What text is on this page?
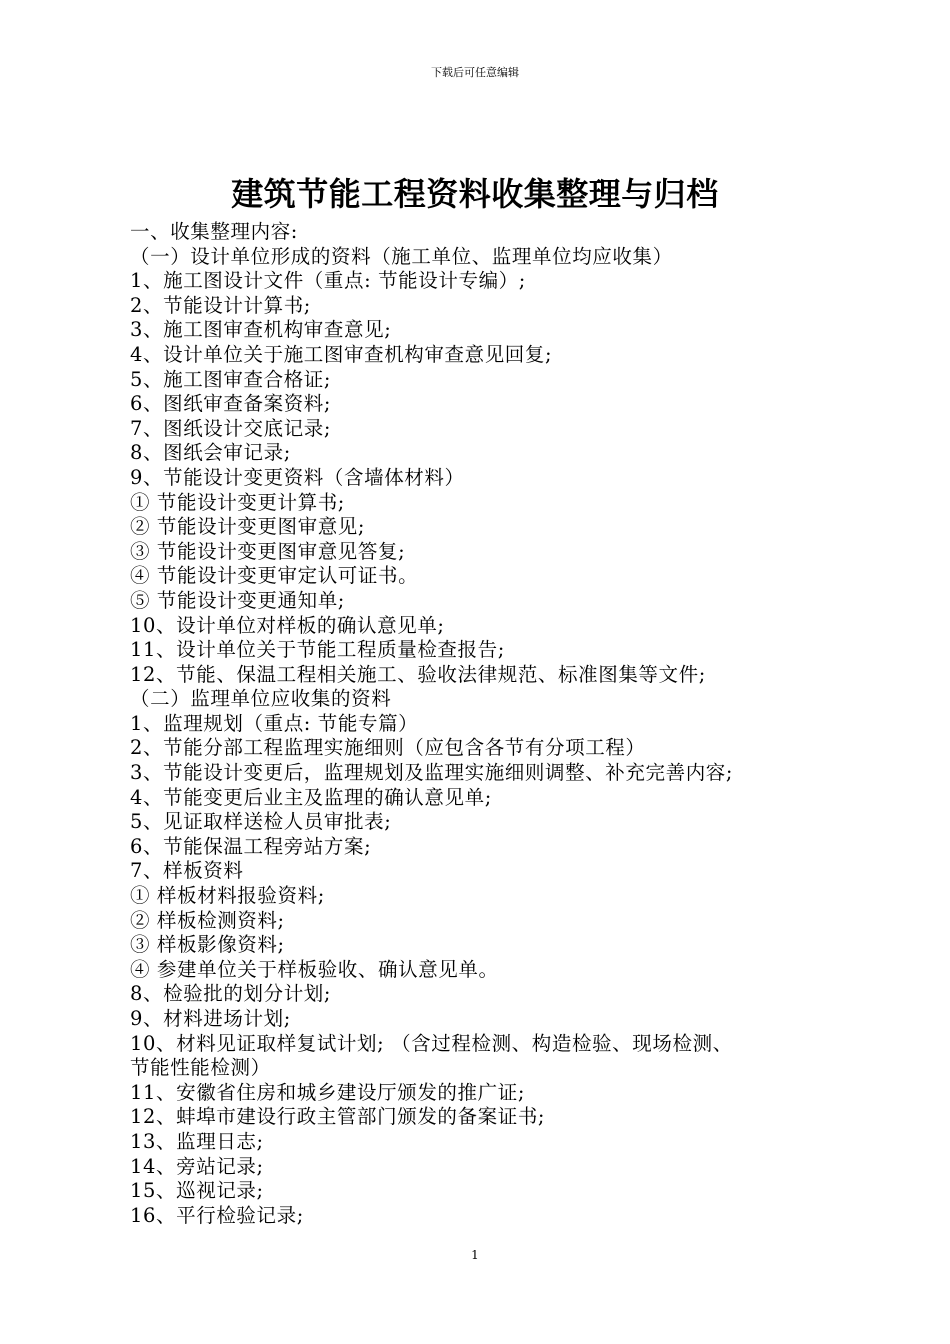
下载后可任意编辑
建筑节能工程资料收集整理与归档
一、收集整理内容:
（一）设计单位形成的资料（施工单位、监理单位均应收集）
1、施工图设计文件（重点: 节能设计专编）;
2、节能设计计算书;
3、施工图审查机构审查意见;
4、设计单位关于施工图审查机构审查意见回复;
5、施工图审查合格证;
6、图纸审查备案资料;
7、图纸设计交底记录;
8、图纸会审记录;
9、节能设计变更资料（含墙体材料）
① 节能设计变更计算书;
② 节能设计变更图审意见;
③ 节能设计变更图审意见答复;
④ 节能设计变更审定认可证书。
⑤ 节能设计变更通知单;
10、设计单位对样板的确认意见单;
11、设计单位关于节能工程质量检查报告;
12、节能、保温工程相关施工、验收法律规范、标准图集等文件;
（二）监理单位应收集的资料
1、监理规划（重点: 节能专篇）
2、节能分部工程监理实施细则（应包含各节有分项工程）
3、节能设计变更后，监理规划及监理实施细则调整、补充完善内容;
4、节能变更后业主及监理的确认意见单;
5、见证取样送检人员审批表;
6、节能保温工程旁站方案;
7、样板资料
① 样板材料报验资料;
② 样板检测资料;
③ 样板影像资料;
④ 参建单位关于样板验收、确认意见单。
8、检验批的划分计划;
9、材料进场计划;
10、材料见证取样复试计划; （含过程检测、构造检验、现场检测、
节能性能检测）
11、安徽省住房和城乡建设厅颁发的推广证;
12、蚌埠市建设行政主管部门颁发的备案证书;
13、监理日志;
14、旁站记录;
15、巡视记录;
16、平行检验记录;
1
